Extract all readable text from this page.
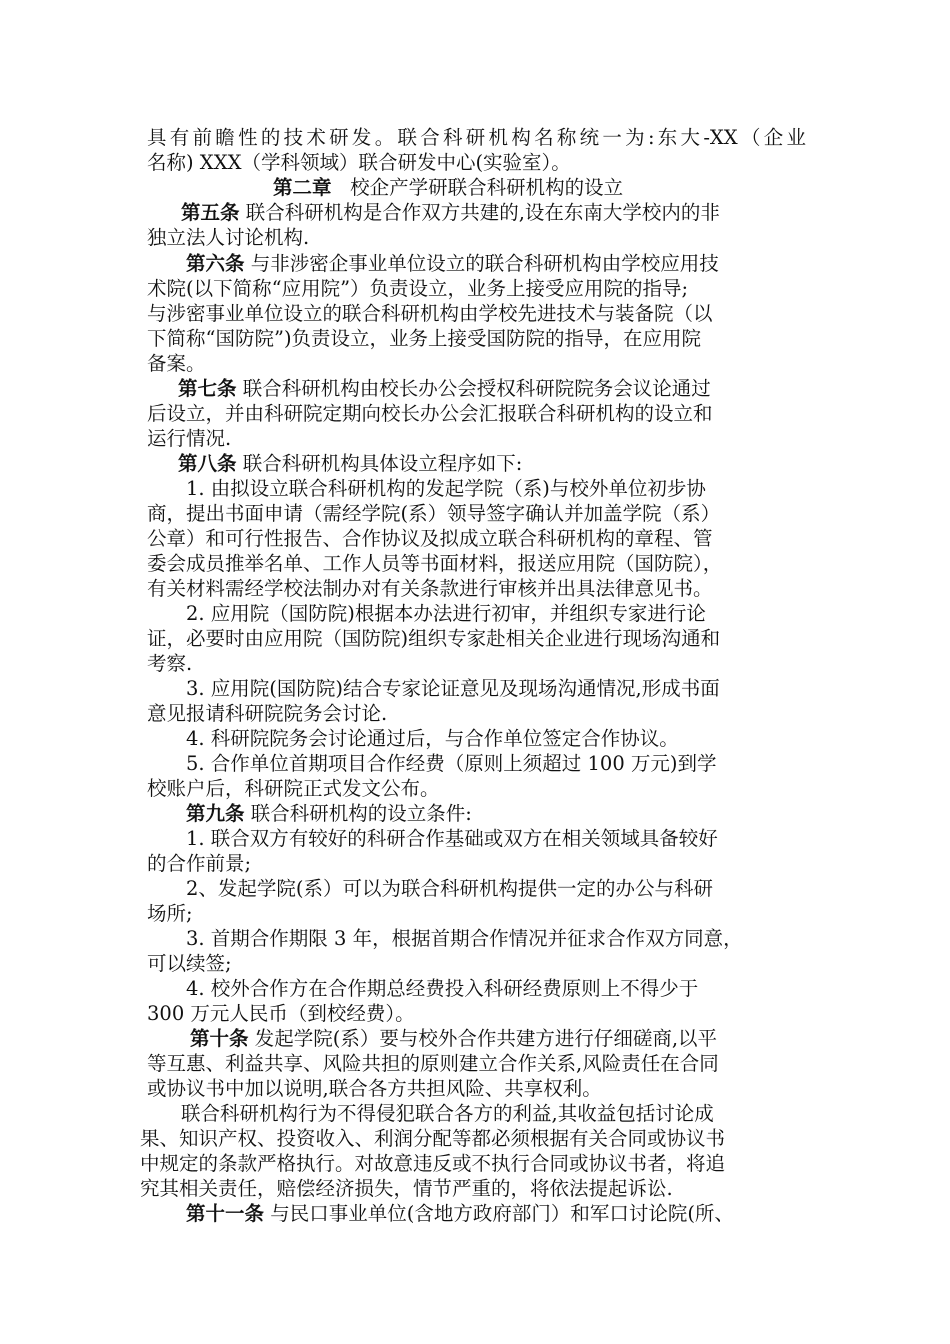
具有前瞻性的技术研发。联合科研机构名称统一为:东大-XX（企业
名称) XXX（学科领域）联合研发中心(实验室）。
第二章 校企产学研联合科研机构的设立
第五条 联合科研机构是合作双方共建的,设在东南大学校内的非
独立法人讨论机构.
第六条 与非涉密企事业单位设立的联合科研机构由学校应用技
术院(以下简称“应用院”）负责设立，业务上接受应用院的指导;
与涉密事业单位设立的联合科研机构由学校先进技术与装备院（以
下简称“国防院”)负责设立，业务上接受国防院的指导，在应用院
备案。
第七条 联合科研机构由校长办公会授权科研院院务会议论通过
后设立，并由科研院定期向校长办公会汇报联合科研机构的设立和
运行情况.
第八条 联合科研机构具体设立程序如下:
1. 由拟设立联合科研机构的发起学院（系)与校外单位初步协
商，提出书面申请（需经学院(系）领导签字确认并加盖学院（系）
公章）和可行性报告、合作协议及拟成立联合科研机构的章程、管
委会成员推举名单、工作人员等书面材料，报送应用院（国防院），
有关材料需经学校法制办对有关条款进行审核并出具法律意见书。
2. 应用院（国防院)根据本办法进行初审，并组织专家进行论
证，必要时由应用院（国防院)组织专家赴相关企业进行现场沟通和
考察.
3. 应用院(国防院)结合专家论证意见及现场沟通情况,形成书面
意见报请科研院院务会讨论.
4. 科研院院务会讨论通过后，与合作单位签定合作协议。
5. 合作单位首期项目合作经费（原则上须超过 100 万元)到学
校账户后，科研院正式发文公布。
第九条 联合科研机构的设立条件:
1. 联合双方有较好的科研合作基础或双方在相关领域具备较好
的合作前景;
2、发起学院(系）可以为联合科研机构提供一定的办公与科研
场所;
3. 首期合作期限 3 年，根据首期合作情况并征求合作双方同意，
可以续签;
4. 校外合作方在合作期总经费投入科研经费原则上不得少于
300 万元人民币（到校经费）。
第十条 发起学院(系）要与校外合作共建方进行仔细磋商,以平
等互惠、利益共享、风险共担的原则建立合作关系,风险责任在合同
或协议书中加以说明,联合各方共担风险、共享权利。
联合科研机构行为不得侵犯联合各方的利益,其收益包括讨论成
果、知识产权、投资收入、利润分配等都必须根据有关合同或协议书
中规定的条款严格执行。对故意违反或不执行合同或协议书者，将追
究其相关责任，赔偿经济损失，情节严重的，将依法提起诉讼.
第十一条 与民口事业单位(含地方政府部门）和军口讨论院(所、
